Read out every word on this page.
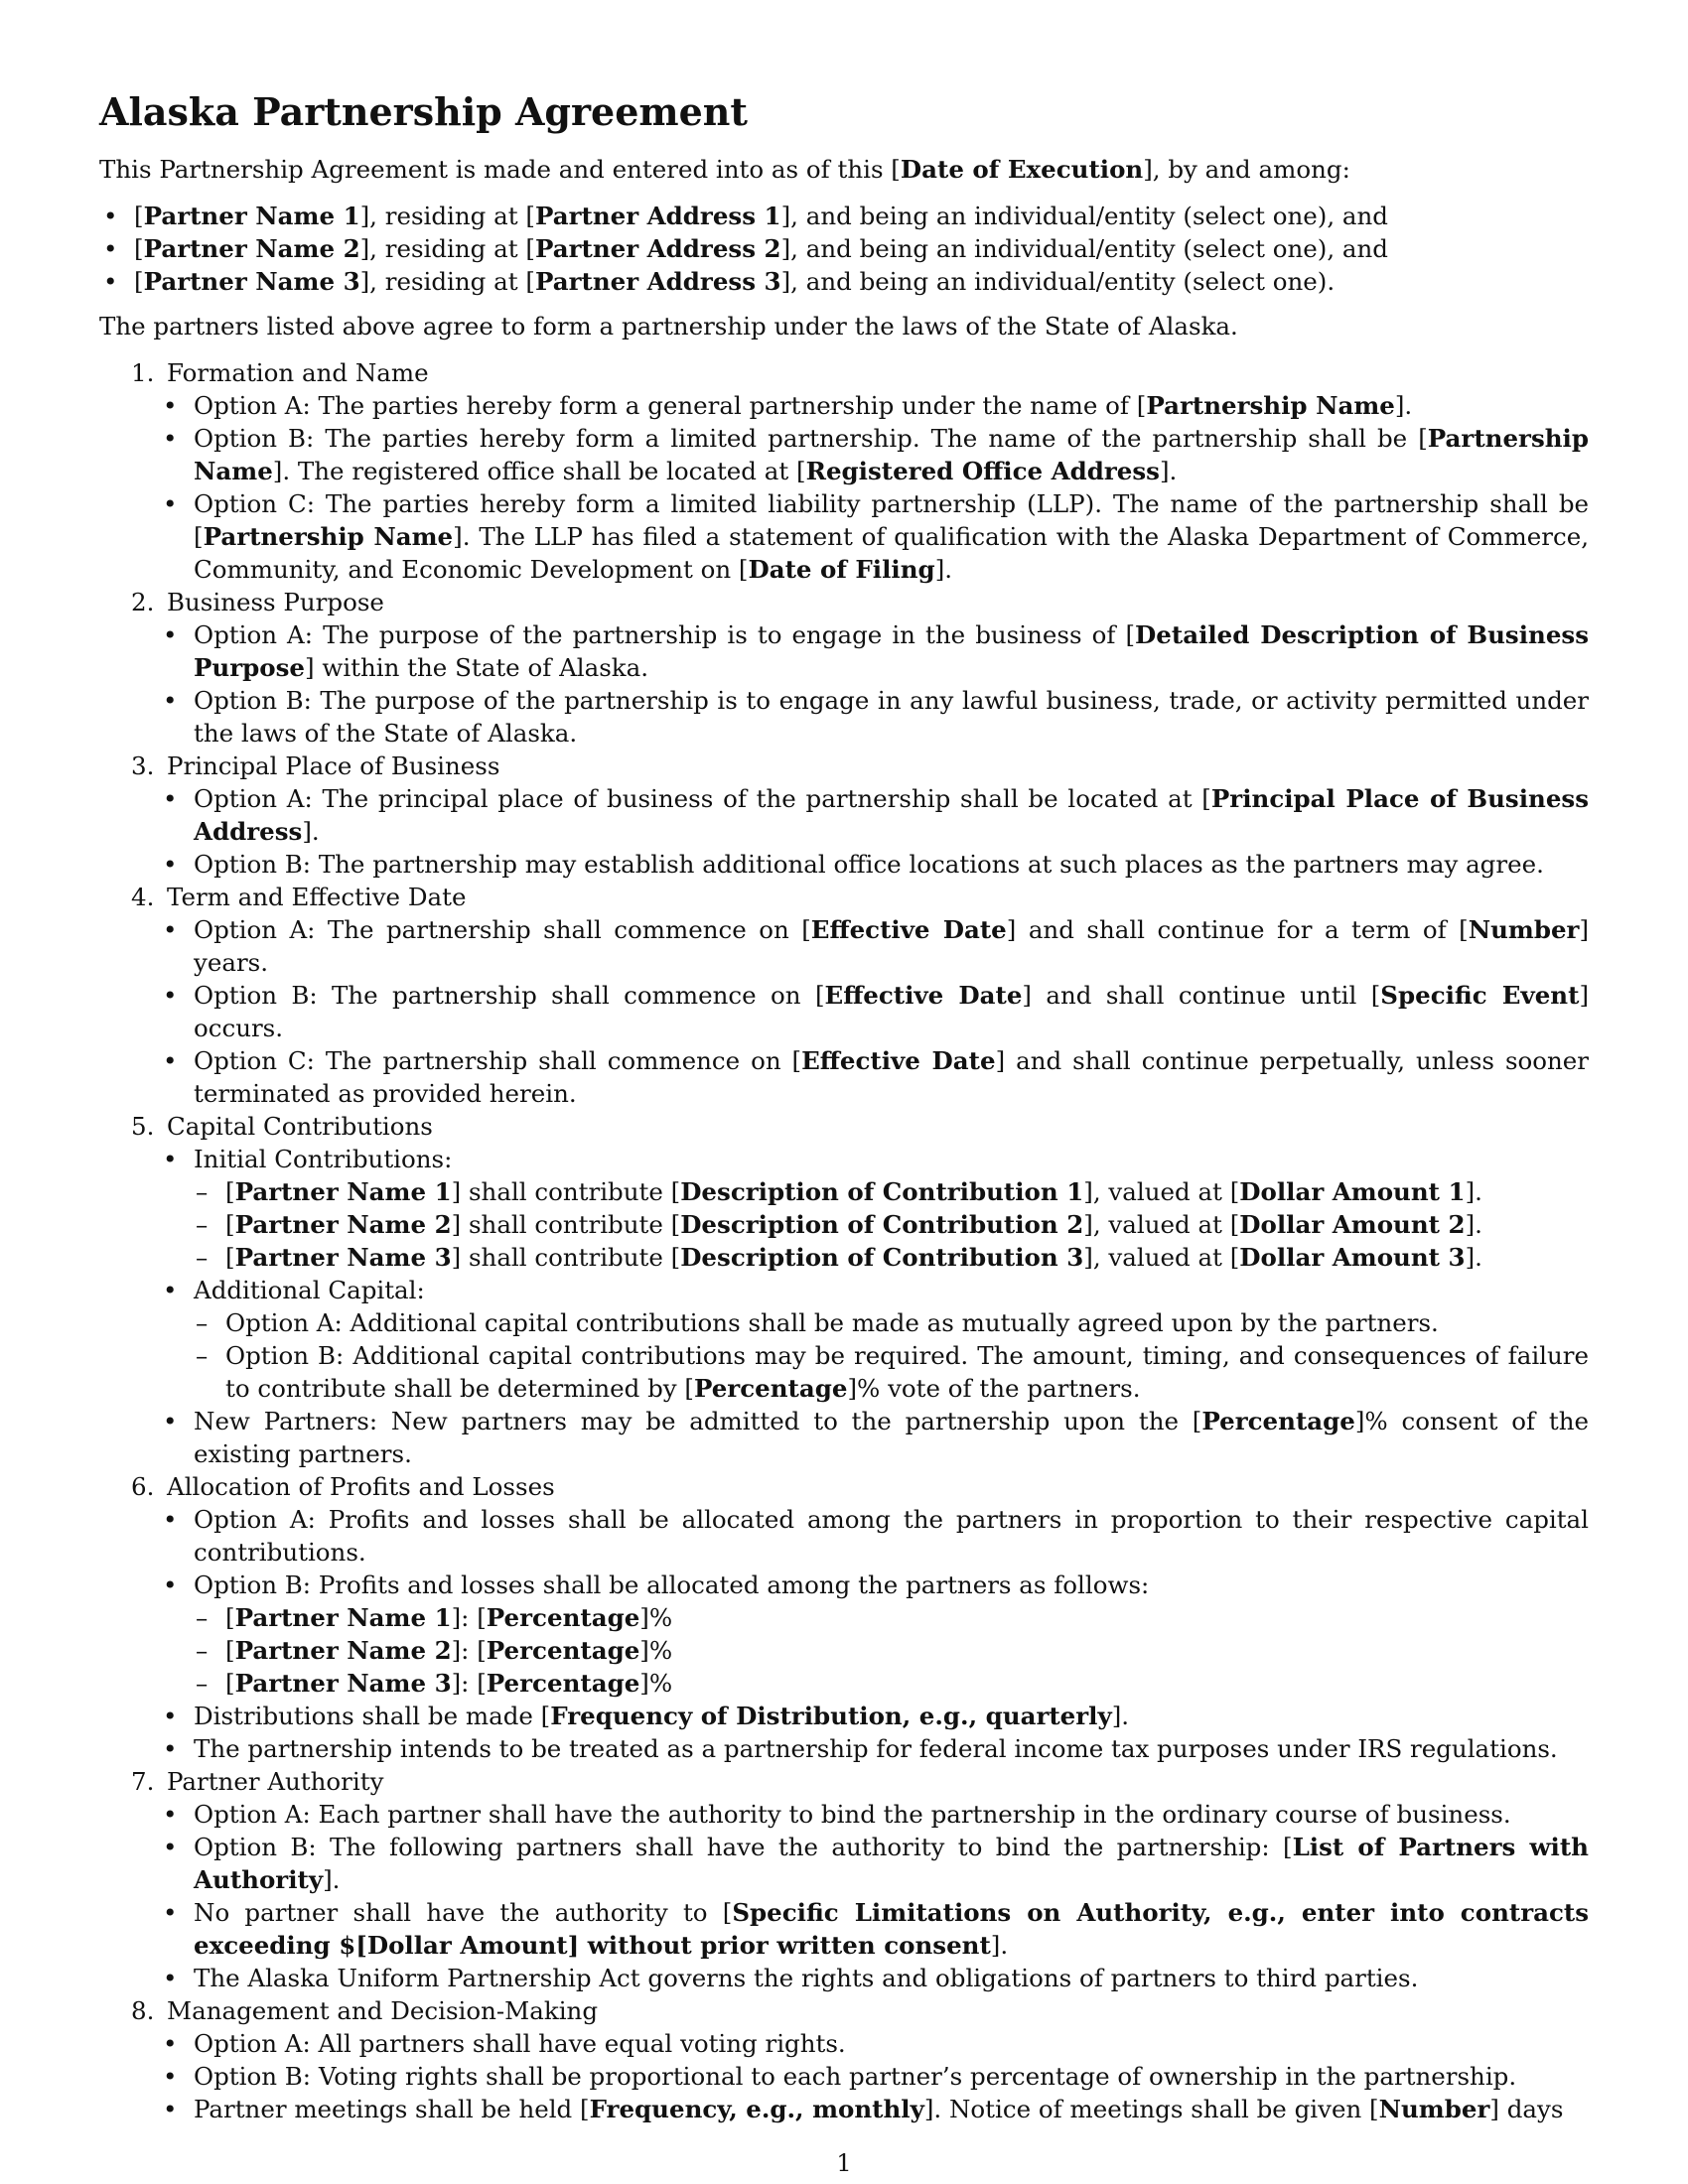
Alaska Partnership Agreement

This Partnership Agreement is made and entered into as of this [Date of Execution], by and among:

• [Partner Name 1], residing at [Partner Address 1], and being an individual/entity (select one), and
• [Partner Name 2], residing at [Partner Address 2], and being an individual/entity (select one), and
• [Partner Name 3], residing at [Partner Address 3], and being an individual/entity (select one).

The partners listed above agree to form a partnership under the laws of the State of Alaska.

1. Formation and Name
• Option A: The parties hereby form a general partnership under the name of [Partnership Name].
• Option B: The parties hereby form a limited partnership. The name of the partnership shall be [Partnership Name]. The registered office shall be located at [Registered Office Address].
• Option C: The parties hereby form a limited liability partnership (LLP). The name of the partnership shall be [Partnership Name]. The LLP has filed a statement of qualification with the Alaska Department of Commerce, Community, and Economic Development on [Date of Filing].
2. Business Purpose
• Option A: The purpose of the partnership is to engage in the business of [Detailed Description of Business Purpose] within the State of Alaska.
• Option B: The purpose of the partnership is to engage in any lawful business, trade, or activity permitted under the laws of the State of Alaska.
3. Principal Place of Business
• Option A: The principal place of business of the partnership shall be located at [Principal Place of Business Address].
• Option B: The partnership may establish additional office locations at such places as the partners may agree.
4. Term and Effective Date
• Option A: The partnership shall commence on [Effective Date] and shall continue for a term of [Number] years.
• Option B: The partnership shall commence on [Effective Date] and shall continue until [Specific Event] occurs.
• Option C: The partnership shall commence on [Effective Date] and shall continue perpetually, unless sooner terminated as provided herein.
5. Capital Contributions
• Initial Contributions:
– [Partner Name 1] shall contribute [Description of Contribution 1], valued at [Dollar Amount 1].
– [Partner Name 2] shall contribute [Description of Contribution 2], valued at [Dollar Amount 2].
– [Partner Name 3] shall contribute [Description of Contribution 3], valued at [Dollar Amount 3].
• Additional Capital:
– Option A: Additional capital contributions shall be made as mutually agreed upon by the partners.
– Option B: Additional capital contributions may be required. The amount, timing, and consequences of failure to contribute shall be determined by [Percentage]% vote of the partners.
• New Partners: New partners may be admitted to the partnership upon the [Percentage]% consent of the existing partners.
6. Allocation of Profits and Losses
• Option A: Profits and losses shall be allocated among the partners in proportion to their respective capital contributions.
• Option B: Profits and losses shall be allocated among the partners as follows:
– [Partner Name 1]: [Percentage]%
– [Partner Name 2]: [Percentage]%
– [Partner Name 3]: [Percentage]%
• Distributions shall be made [Frequency of Distribution, e.g., quarterly].
• The partnership intends to be treated as a partnership for federal income tax purposes under IRS regulations.
7. Partner Authority
• Option A: Each partner shall have the authority to bind the partnership in the ordinary course of business.
• Option B: The following partners shall have the authority to bind the partnership: [List of Partners with Authority].
• No partner shall have the authority to [Specific Limitations on Authority, e.g., enter into contracts exceeding $[Dollar Amount] without prior written consent].
• The Alaska Uniform Partnership Act governs the rights and obligations of partners to third parties.
8. Management and Decision-Making
• Option A: All partners shall have equal voting rights.
• Option B: Voting rights shall be proportional to each partner’s percentage of ownership in the partnership.
• Partner meetings shall be held [Frequency, e.g., monthly]. Notice of meetings shall be given [Number] days
1
